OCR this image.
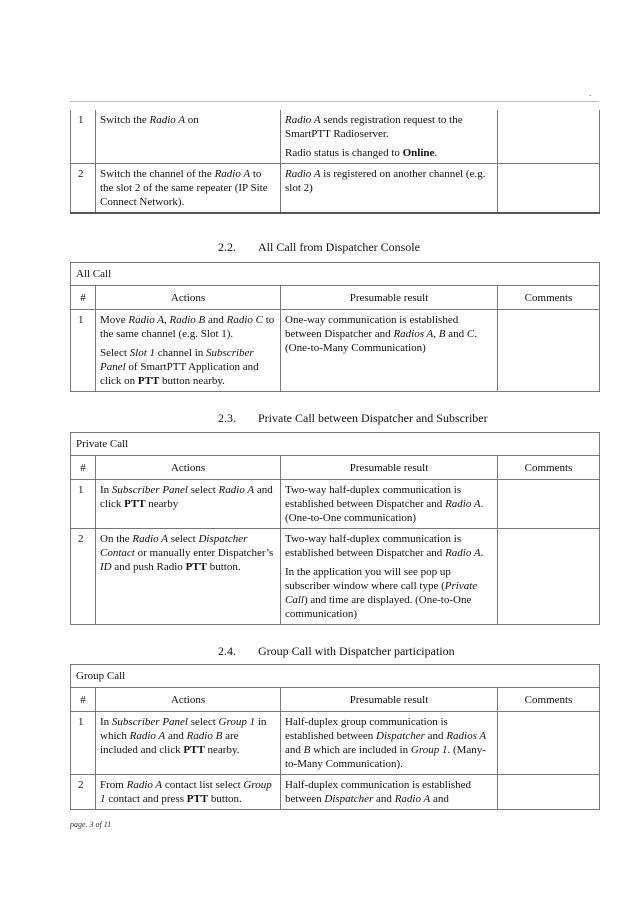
.
1	Switch the Radio A on	Radio A sends registration request to the SmartPTT Radioserver.

Radio status is changed to Online.	

2	Switch the channel of the Radio A to the slot 2 of the same repeater (IP Site Connect Network).	Radio A is registered on another channel (e.g. slot 2)	

2.2. All Call from Dispatcher Console
All Call			
#	Actions	Presumable result	Comments
1	Move Radio A, Radio B and Radio C to the same channel (e.g. Slot 1).

Select Slot 1 channel in Subscriber Panel of SmartPTT Application and click on PTT button nearby.	One-way communication is established between Dispatcher and Radios A, B and C. (One-to-Many Communication)	

2.3. Private Call between Dispatcher and Subscriber
Private Call			
#	Actions	Presumable result	Comments
1	In Subscriber Panel select Radio A and click PTT nearby	Two-way half-duplex communication is established between Dispatcher and Radio A. (One-to-One communication)	

2	On the Radio A select Dispatcher Contact or manually enter Dispatcher’s ID and push Radio PTT button.	Two-way half-duplex communication is established between Dispatcher and Radio A.

In the application you will see pop up subscriber window where call type (Private Call) and time are displayed. (One-to-One communication)	

2.4. Group Call with Dispatcher participation
Group Call			
#	Actions	Presumable result	Comments
1	In Subscriber Panel select Group 1 in which Radio A and Radio B are included and click PTT nearby.	Half-duplex group communication is established between Dispatcher and Radios A and B which are included in Group 1. (Many-to-Many Communication).	

2	From Radio A contact list select Group 1 contact and press PTT button.	Half-duplex communication is established between Dispatcher and Radio A and	

page. 3 of 11
